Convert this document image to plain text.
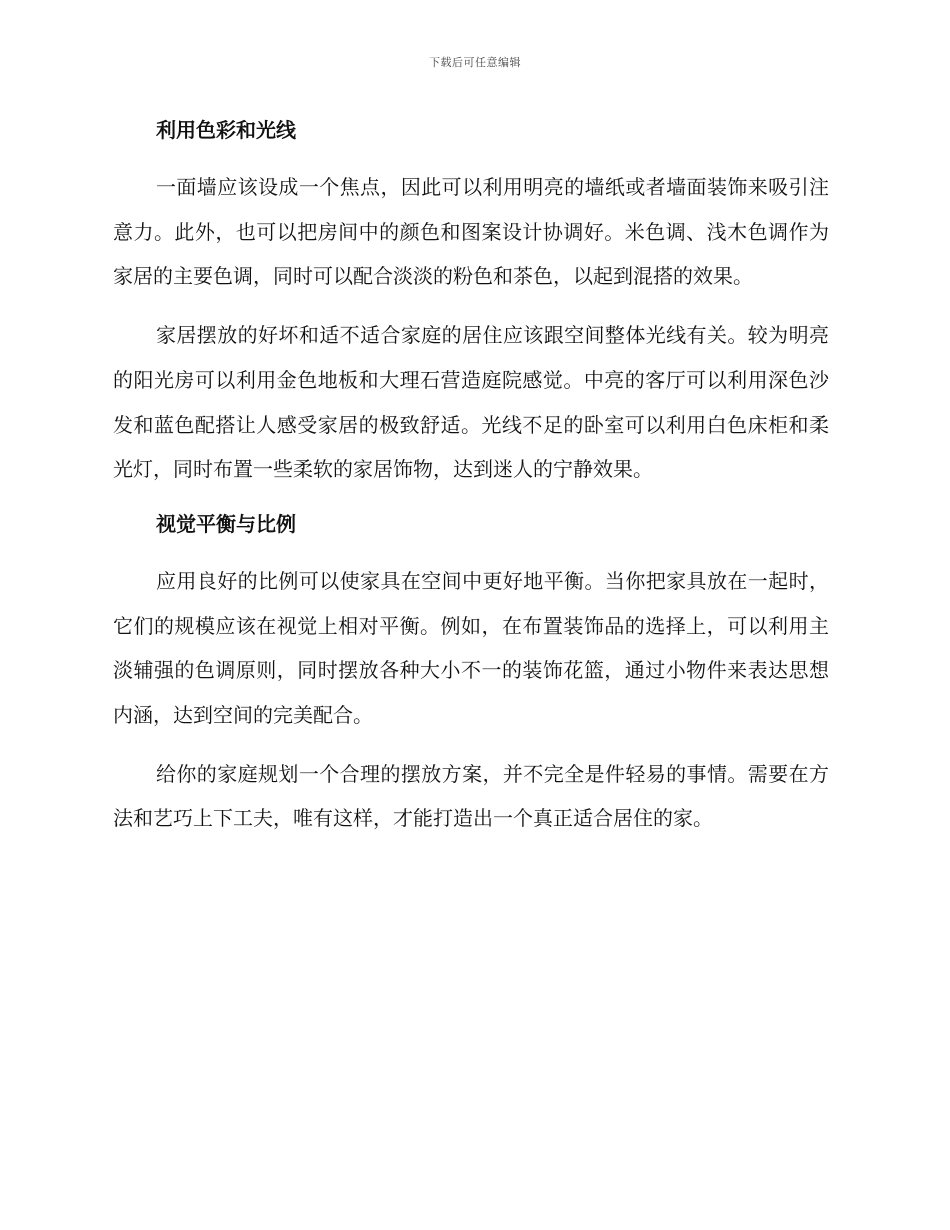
下载后可任意编辑
利用色彩和光线

一面墙应该设成一个焦点，因此可以利用明亮的墙纸或者墙面装饰来吸引注意力。此外，也可以把房间中的颜色和图案设计协调好。米色调、浅木色调作为家居的主要色调，同时可以配合淡淡的粉色和茶色，以起到混搭的效果。

家居摆放的好坏和适不适合家庭的居住应该跟空间整体光线有关。较为明亮的阳光房可以利用金色地板和大理石营造庭院感觉。中亮的客厅可以利用深色沙发和蓝色配搭让人感受家居的极致舒适。光线不足的卧室可以利用白色床柜和柔光灯，同时布置一些柔软的家居饰物，达到迷人的宁静效果。

视觉平衡与比例

应用良好的比例可以使家具在空间中更好地平衡。当你把家具放在一起时，它们的规模应该在视觉上相对平衡。例如，在布置装饰品的选择上，可以利用主淡辅强的色调原则，同时摆放各种大小不一的装饰花篮，通过小物件来表达思想内涵，达到空间的完美配合。

给你的家庭规划一个合理的摆放方案，并不完全是件轻易的事情。需要在方法和艺巧上下工夫，唯有这样，才能打造出一个真正适合居住的家。
